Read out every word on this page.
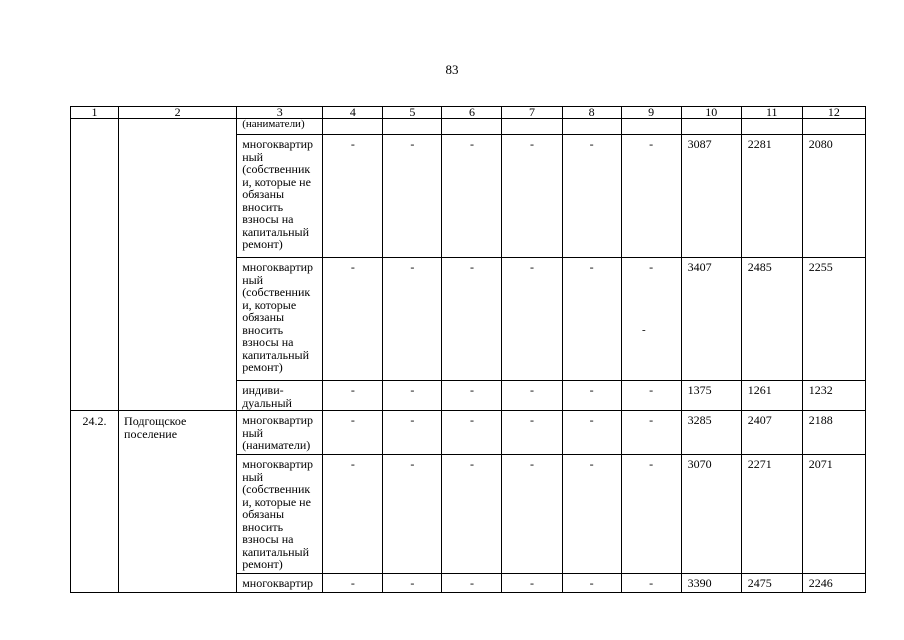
83
1	2	3	4	5	6	7	8	9	10	11	12

		(наниматели)									

		многоквартир ный (собственник и, которые не обязаны вносить взносы на капитальный ремонт)	-	-	-	-	-	-	3087	2281	2080
		многоквартир ный (собственник и, которые обязаны вносить взносы на капитальный ремонт)	-	-	-	-	-	-	3407	2485	2255
		индиви- дуальный	-	-	-	-	-	-	1375	1261	1232
24.2.	Подгощское поселение	многоквартир ный (наниматели)	-	-	-	-	-	-	3285	2407	2188
		многоквартир ный (собственник и, которые не обязаны вносить взносы на капитальный ремонт)	-	-	-	-	-	-	3070	2271	2071
		многоквартир	-	-	-	-	-	-	3390	2475	2246
-
